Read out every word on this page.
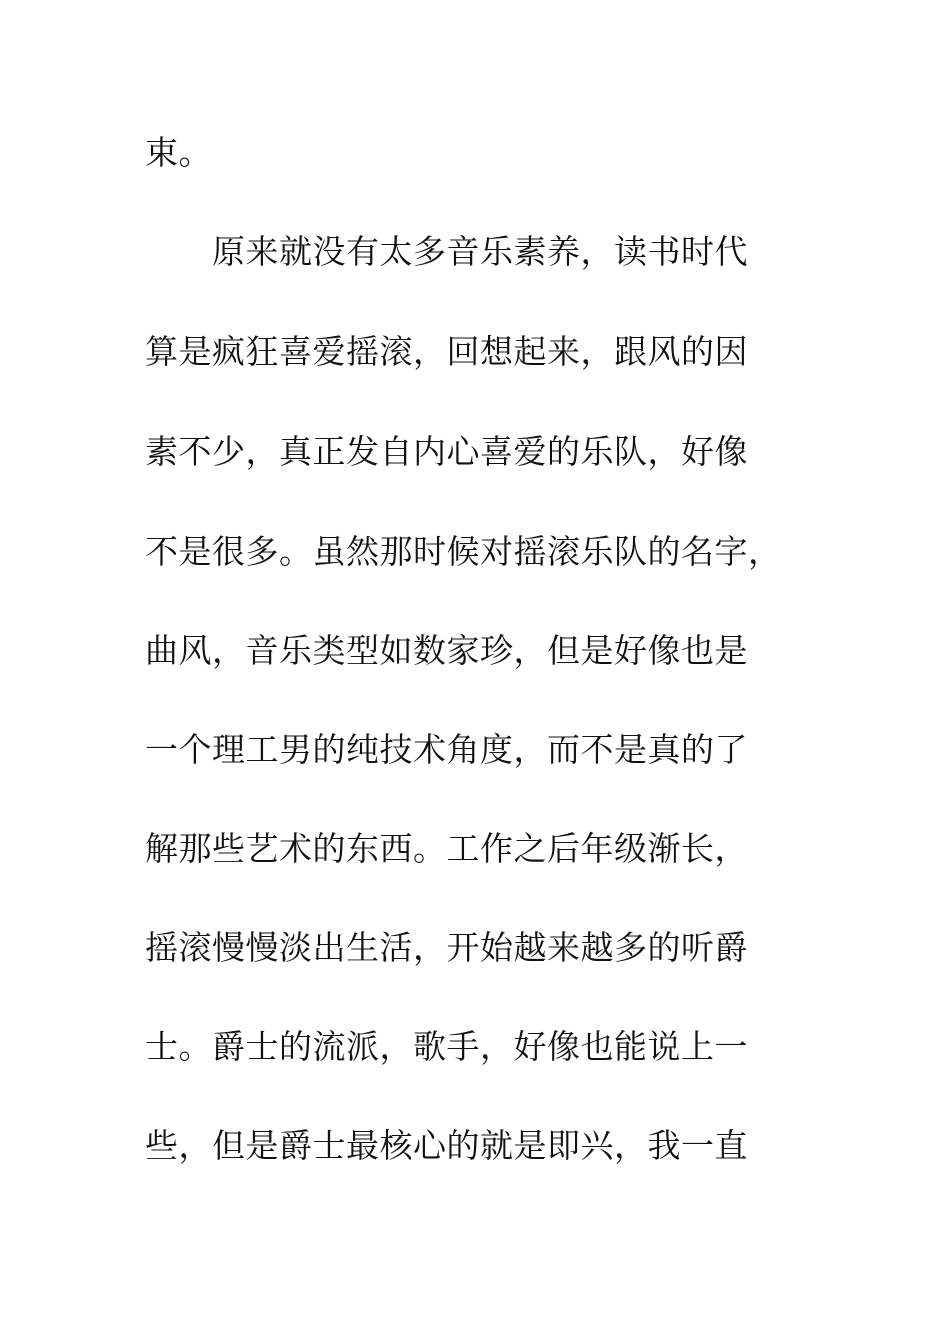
束。
原来就没有太多音乐素养，读书时代
算是疯狂喜爱摇滚，回想起来，跟风的因
素不少，真正发自内心喜爱的乐队，好像
不是很多。虽然那时候对摇滚乐队的名字，
曲风，音乐类型如数家珍，但是好像也是
一个理工男的纯技术角度，而不是真的了
解那些艺术的东西。工作之后年级渐长，
摇滚慢慢淡出生活，开始越来越多的听爵
士。爵士的流派，歌手，好像也能说上一
些，但是爵士最核心的就是即兴，我一直
